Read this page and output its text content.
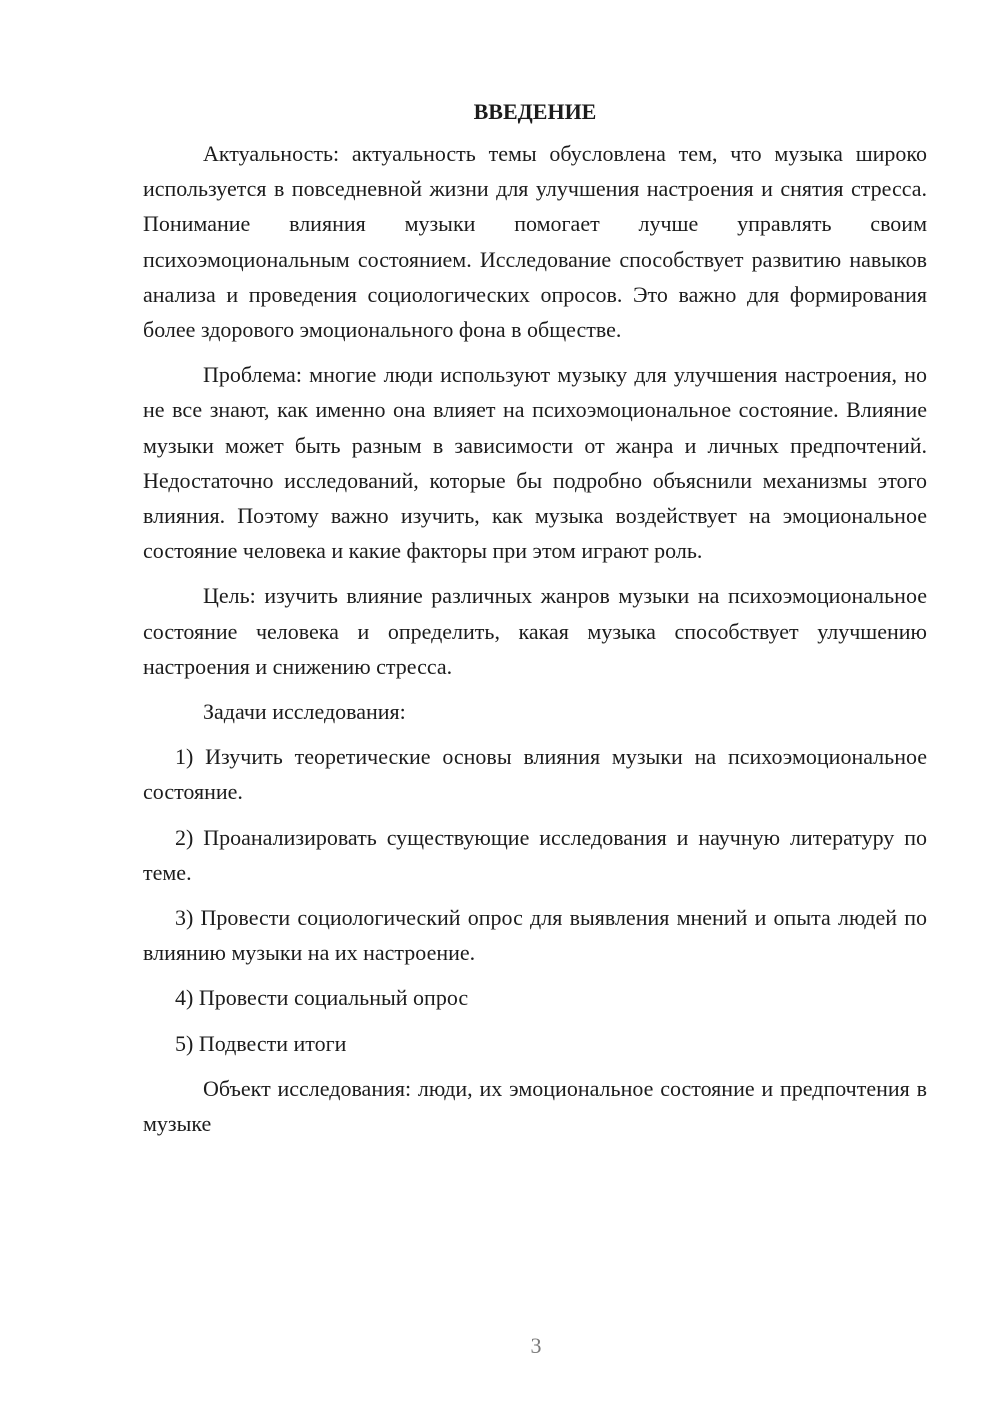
ВВЕДЕНИЕ

Актуальность: актуальность темы обусловлена тем, что музыка широко используется в повседневной жизни для улучшения настроения и снятия стресса. Понимание влияния музыки помогает лучше управлять своим психоэмоциональным состоянием. Исследование способствует развитию навыков анализа и проведения социологических опросов. Это важно для формирования более здорового эмоционального фона в обществе.

Проблема: многие люди используют музыку для улучшения настроения, но не все знают, как именно она влияет на психоэмоциональное состояние. Влияние музыки может быть разным в зависимости от жанра и личных предпочтений. Недостаточно исследований, которые бы подробно объяснили механизмы этого влияния. Поэтому важно изучить, как музыка воздействует на эмоциональное состояние человека и какие факторы при этом играют роль.

Цель: изучить влияние различных жанров музыки на психоэмоциональное состояние человека и определить, какая музыка способствует улучшению настроения и снижению стресса.

Задачи исследования:

1) Изучить теоретические основы влияния музыки на психоэмоциональное состояние.

2) Проанализировать существующие исследования и научную литературу по теме.

3) Провести социологический опрос для выявления мнений и опыта людей по влиянию музыки на их настроение.

4) Провести социальный опрос

5) Подвести итоги

Объект исследования: люди, их эмоциональное состояние и предпочтения в музыке

3
